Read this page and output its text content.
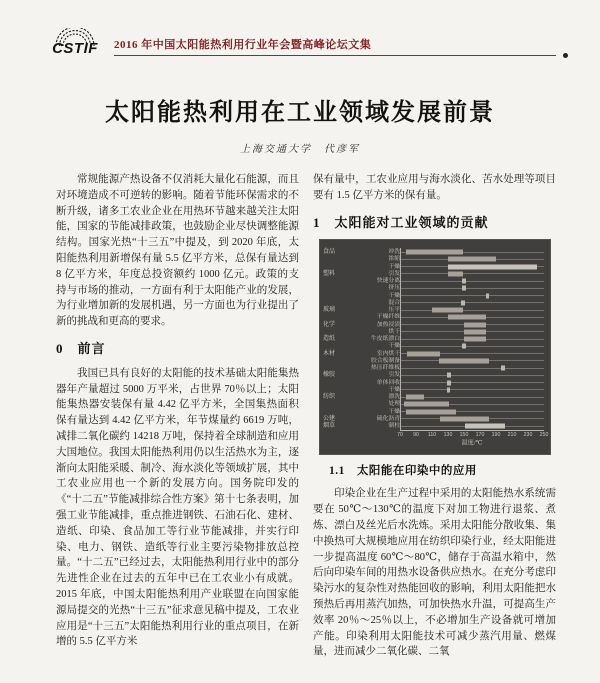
CSTIF	2016 年中国太阳能热利用行业年会暨高峰论坛文集
太阳能热利用在工业领域发展前景
上海交通大学　代彦军

常规能源产热设备不仅消耗大量化石能源，而且对环境造成不可逆转的影响。随着节能环保需求的不断升级，诸多工农业企业在用热环节越来越关注太阳能，国家的节能减排政策，也鼓励企业尽快调整能源结构。国家光热“十三五”中提及，到 2020 年底，太阳能热利用新增保有量 5.5 亿平方米，总保有量达到 8 亿平方米，年度总投资额约 1000 亿元。政策的支持与市场的推动，一方面有利于太阳能产业的发展，为行业增加新的发展机遇，另一方面也为行业提出了新的挑战和更高的要求。

0　前言

我国已具有良好的太阳能的技术基础太阳能集热器年产量超过 5000 万平米，占世界 70％以上；太阳能集热器安装保有量 4.42 亿平方米，全国集热面积保有量达到 4.42 亿平方米，年节煤量约 6619 万吨，减排二氧化碳约 14218 万吨，保持着全球制造和应用大国地位。我国太阳能热利用仍以生活热水为主，逐渐向太阳能采暖、制冷、海水淡化等领域扩展，其中工农业应用也一个新的发展方向。国务院印发的《“十二五”节能减排综合性方案》第十七条表明，加强工业节能减排，重点推进钢铁、石油石化、建材、造纸、印染、食品加工等行业节能减排，并实行印染、电力、钢铁、造纸等行业主要污染物排放总控量。“十二五”已经过去，太阳能热利用行业中的部分先进性企业在过去的五年中已在工农业小有成就。2015 年底，中国太阳能热利用产业联盟在向国家能源局提交的光热“十三五”征求意见稿中提及，工农业应用是“十三五”太阳能热利用行业的重点项目，在新增的 5.5 亿平方米

保有量中，工农业应用与海水淡化、苦水处理等项目要有 1.5 亿平方米的保有量。

1　太阳能对工业领域的贡献
食品	冲洗
浓缩
干燥
塑料	引发
快速分离
挤压
干燥
混合
玻璃	压平
干燥纤维
化学	加热浸渍
烘干
造纸	牛皮纸漂白
干燥
木材	室内烘干
胶合板制备
热压纤维板
橡胶	引发
单体回收
干燥
纺织	漂洗
处理
干燥
公建	硫化沥青
烟草	制柱
70 90 110 130 150 170 190 210 230 250
温度/℃
1.1　太阳能在印染中的应用

印染企业在生产过程中采用的太阳能热水系统需要在 50℃～130℃的温度下对加工物进行退浆、煮炼、漂白及丝光后水洗炼。采用太阳能分散收集、集中换热可大规模地应用在纺织印染行业，经太阳能进一步提高温度 60℃～80℃，储存于高温水箱中，然后向印染车间的用热水设备供应热水。在充分考虑印染污水的复杂性对热能回收的影响，利用太阳能把水预热后再用蒸汽加热，可加快热水升温，可提高生产效率 20％～25％以上，不必增加生产设备就可增加产能。印染利用太阳能技术可减少蒸汽用量、燃煤量，进而减少二氧化碳、二氧
